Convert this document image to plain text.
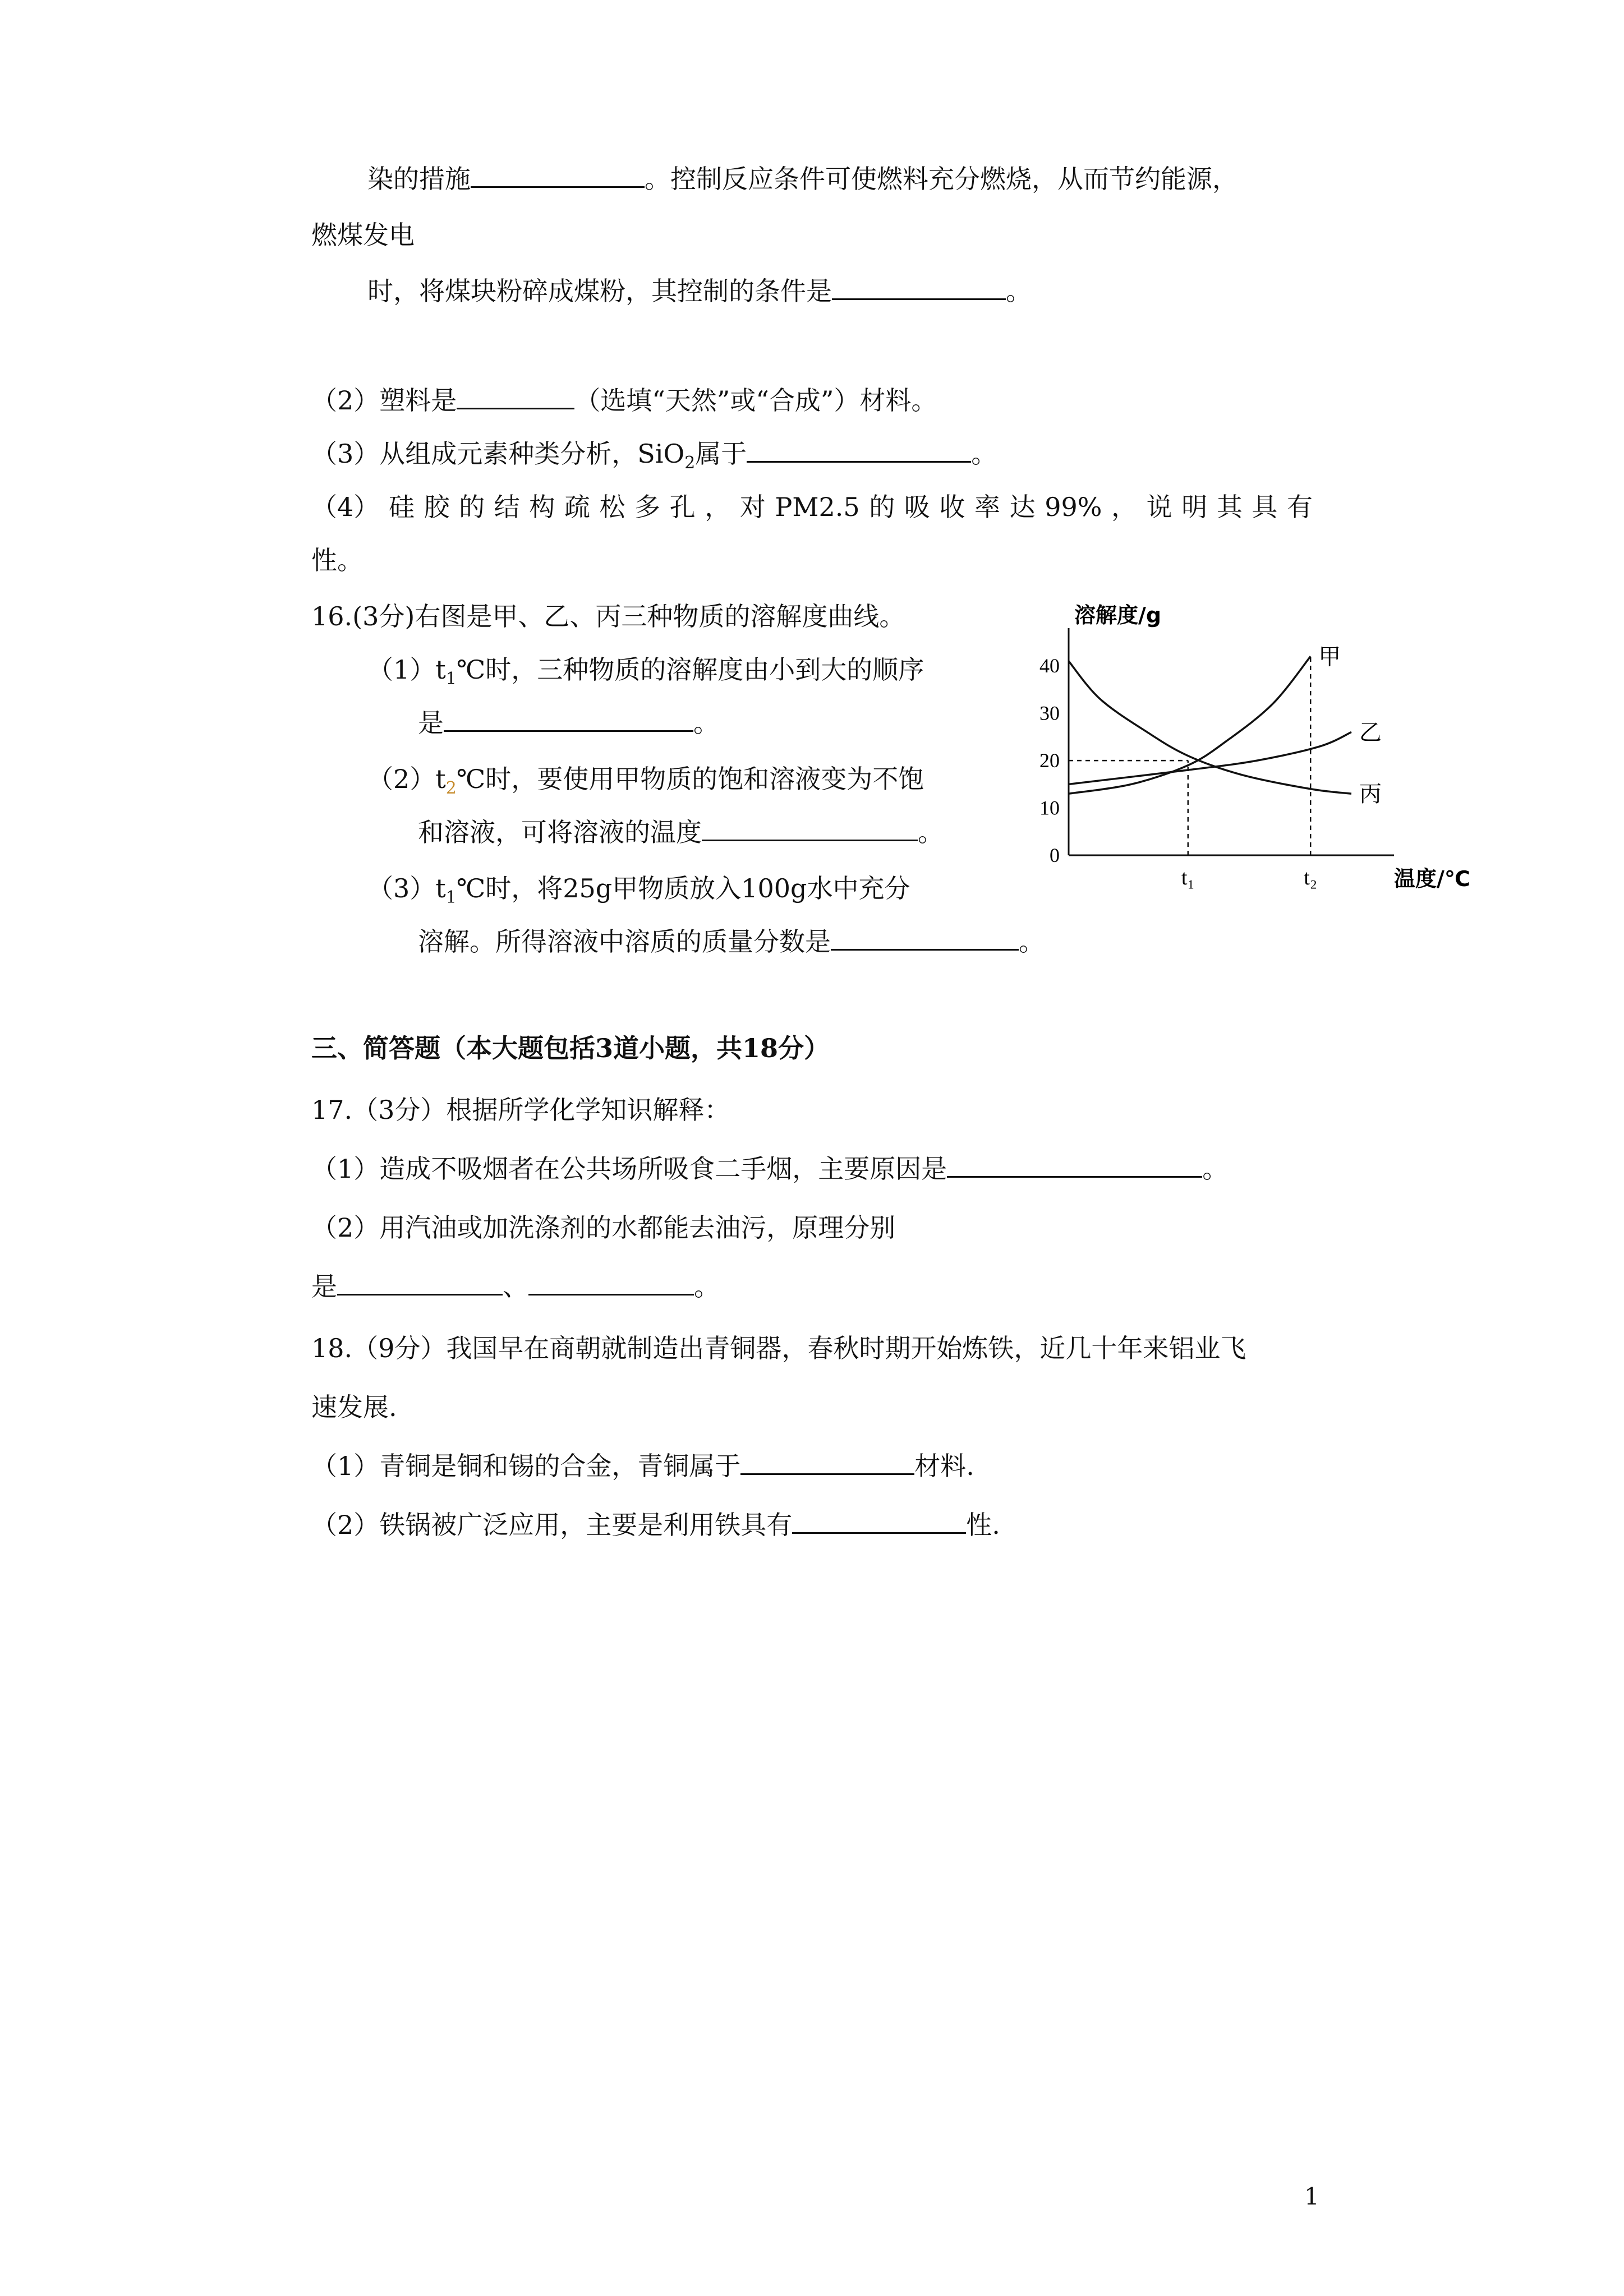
染的措施	。控制反应条件可使燃料充分燃烧，从而节约能源，
燃煤发电
时，将煤块粉碎成煤粉，其控制的条件是	。
（2）塑料是	（选填“天然”或“合成”）材料。
（3）从组成元素种类分析，SiO$_2$属于	。
（4） 硅 胶 的 结 构 疏 松 多 孔 ， 对 PM2.5 的 吸 收 率 达 99% ， 说 明 其 具 有
性。
16.(3分)右图是甲、乙、丙三种物质的溶解度曲线。
$(1)t_1℃$时，三种物质的溶解度由小到大的顺序
是	。
$(2)t_2℃$时，要使用甲物质的饱和溶液变为不饱
和溶液，可将溶液的温度	。
$(3)t_1℃$时，将25g甲物质放入100g水中充分
溶解。所得溶液中溶质的质量分数是	。
0
10
20
30
40
溶解度/g
温度/℃
t₁	t₂
甲
乙
丙
三、简答题（本大题包括3道小题，共18分）
17.（3分）根据所学化学知识解释：
（1）造成不吸烟者在公共场所吸食二手烟，主要原因是	。
（2）用汽油或加洗涤剂的水都能去油污，原理分别
是	、	。
18.（9分）我国早在商朝就制造出青铜器，春秋时期开始炼铁，近几十年来铝业飞
速发展.
（1）青铜是铜和锡的合金，青铜属于	材料.
（2）铁锅被广泛应用，主要是利用铁具有	性.
1
